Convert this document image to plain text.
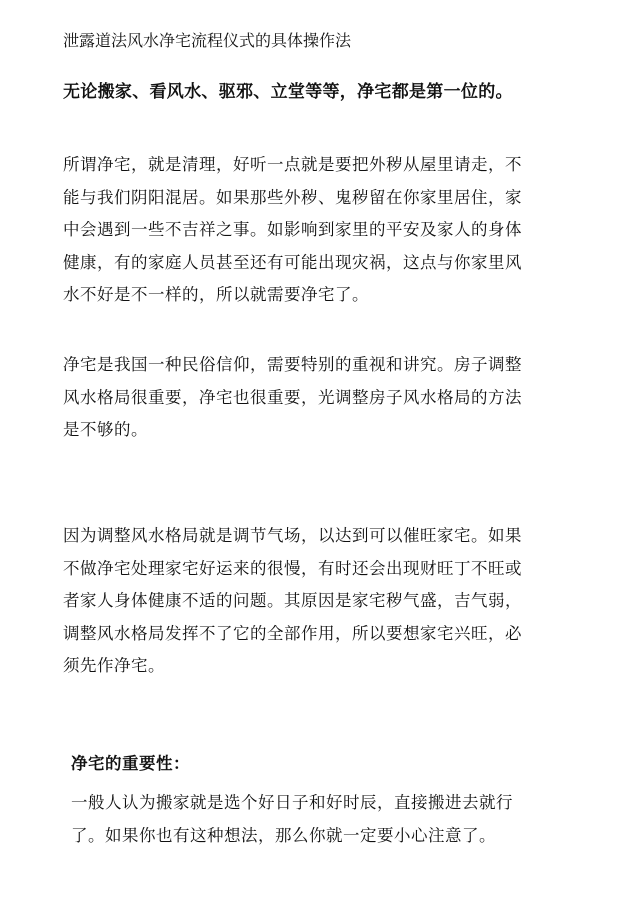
泄露道法风水净宅流程仪式的具体操作法
无论搬家、看风水、驱邪、立堂等等，净宅都是第一位的。
所谓净宅，就是清理，好听一点就是要把外秽从屋里请走，不
能与我们阴阳混居。如果那些外秽、鬼秽留在你家里居住，家
中会遇到一些不吉祥之事。如影响到家里的平安及家人的身体
健康，有的家庭人员甚至还有可能出现灾祸，这点与你家里风
水不好是不一样的，所以就需要净宅了。
净宅是我国一种民俗信仰，需要特别的重视和讲究。房子调整
风水格局很重要，净宅也很重要，光调整房子风水格局的方法
是不够的。
因为调整风水格局就是调节气场，以达到可以催旺家宅。如果
不做净宅处理家宅好运来的很慢，有时还会出现财旺丁不旺或
者家人身体健康不适的问题。其原因是家宅秽气盛，吉气弱，
调整风水格局发挥不了它的全部作用，所以要想家宅兴旺，必
须先作净宅。
净宅的重要性：
一般人认为搬家就是选个好日子和好时辰，直接搬进去就行
了。如果你也有这种想法，那么你就一定要小心注意了。
